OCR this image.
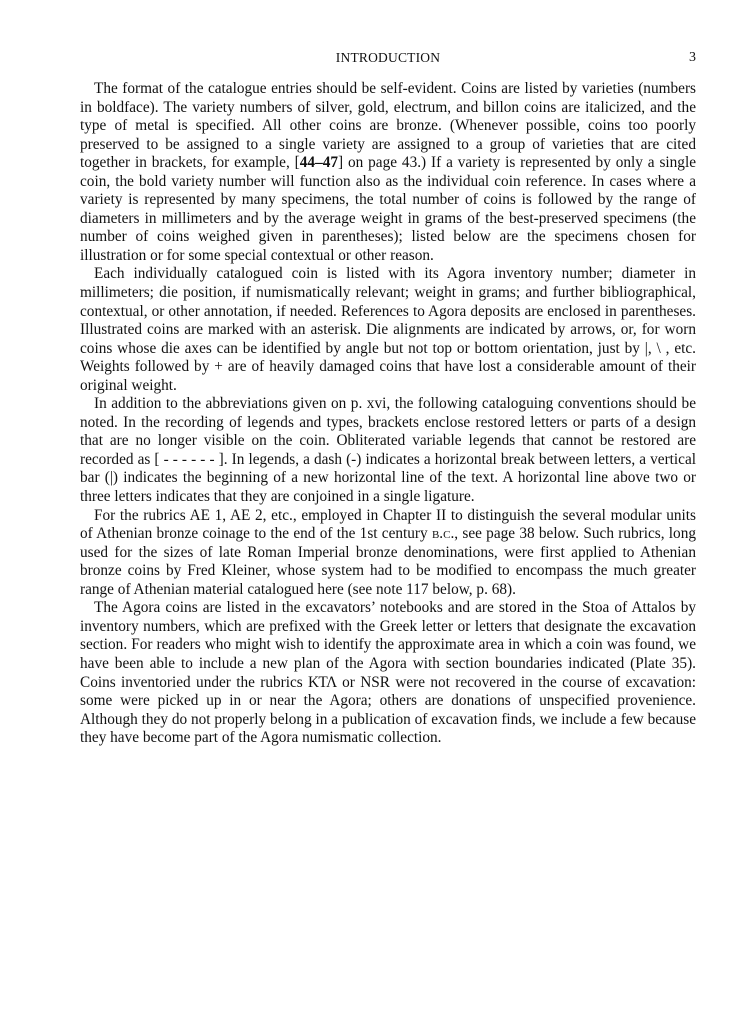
INTRODUCTION	3

The format of the catalogue entries should be self-evident. Coins are listed by varieties (numbers in boldface). The variety numbers of silver, gold, electrum, and billon coins are italicized, and the type of metal is specified. All other coins are bronze. (Whenever possible, coins too poorly preserved to be assigned to a single variety are assigned to a group of varieties that are cited together in brackets, for example, [44–47] on page 43.) If a variety is represented by only a single coin, the bold variety number will function also as the individual coin reference. In cases where a variety is represented by many specimens, the total number of coins is followed by the range of diameters in millimeters and by the average weight in grams of the best-preserved specimens (the number of coins weighed given in parentheses); listed below are the specimens chosen for illustration or for some special contextual or other reason.

Each individually catalogued coin is listed with its Agora inventory number; diameter in millimeters; die position, if numismatically relevant; weight in grams; and further bibliographical, contextual, or other annotation, if needed. References to Agora deposits are enclosed in parentheses. Illustrated coins are marked with an asterisk. Die alignments are indicated by arrows, or, for worn coins whose die axes can be identified by angle but not top or bottom orientation, just by |, \ , etc. Weights followed by + are of heavily damaged coins that have lost a considerable amount of their original weight.

In addition to the abbreviations given on p. xvi, the following cataloguing conventions should be noted. In the recording of legends and types, brackets enclose restored letters or parts of a design that are no longer visible on the coin. Obliterated variable legends that cannot be restored are recorded as [ - - - - - - ]. In legends, a dash (-) indicates a horizontal break between letters, a vertical bar (|) indicates the beginning of a new horizontal line of the text. A horizontal line above two or three letters indicates that they are conjoined in a single ligature.

For the rubrics AE 1, AE 2, etc., employed in Chapter II to distinguish the several modular units of Athenian bronze coinage to the end of the 1st century b.c., see page 38 below. Such rubrics, long used for the sizes of late Roman Imperial bronze denominations, were first applied to Athenian bronze coins by Fred Kleiner, whose system had to be modified to encompass the much greater range of Athenian material catalogued here (see note 117 below, p. 68).

The Agora coins are listed in the excavators’ notebooks and are stored in the Stoa of Attalos by inventory numbers, which are prefixed with the Greek letter or letters that designate the excavation section. For readers who might wish to identify the approximate area in which a coin was found, we have been able to include a new plan of the Agora with section boundaries indicated (Plate 35). Coins inventoried under the rubrics ΚΤΛ or NSR were not recovered in the course of excavation: some were picked up in or near the Agora; others are donations of unspecified provenience. Although they do not properly belong in a publication of excavation finds, we include a few because they have become part of the Agora numismatic collection.
